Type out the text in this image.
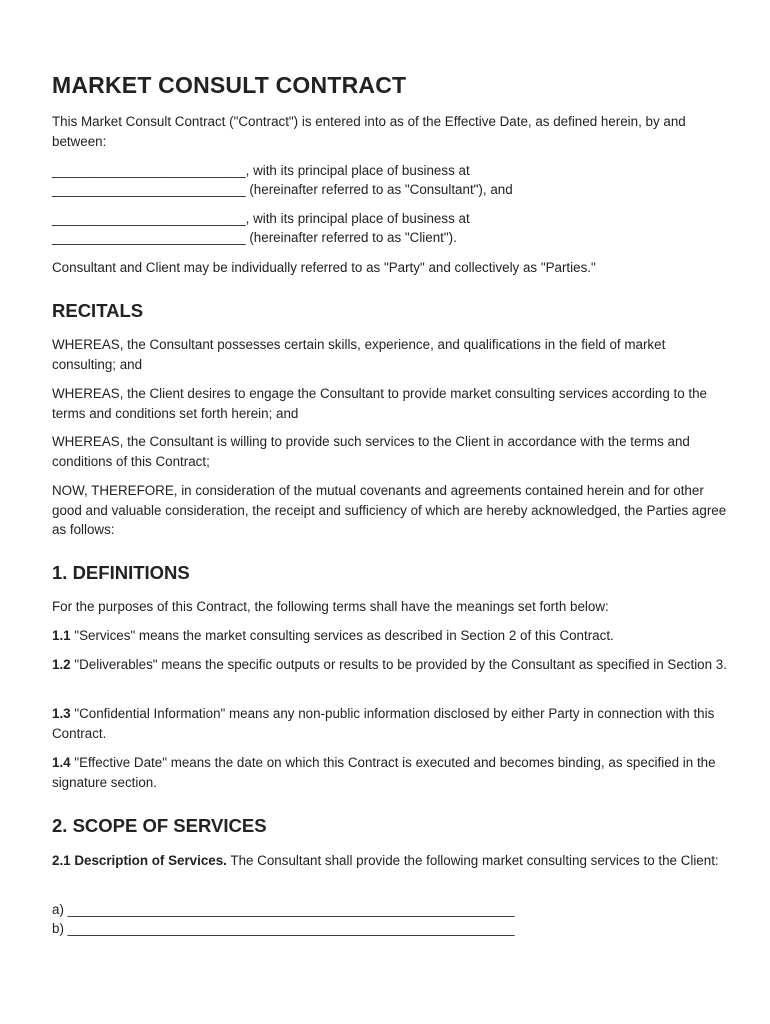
MARKET CONSULT CONTRACT

This Market Consult Contract ("Contract") is entered into as of the Effective Date, as defined herein, by and between:

__________________________, with its principal place of business at

__________________________ (hereinafter referred to as "Consultant"), and

__________________________, with its principal place of business at

__________________________ (hereinafter referred to as "Client").

Consultant and Client may be individually referred to as "Party" and collectively as "Parties."

RECITALS

WHEREAS, the Consultant possesses certain skills, experience, and qualifications in the field of market consulting; and

WHEREAS, the Client desires to engage the Consultant to provide market consulting services according to the terms and conditions set forth herein; and

WHEREAS, the Consultant is willing to provide such services to the Client in accordance with the terms and conditions of this Contract;

NOW, THEREFORE, in consideration of the mutual covenants and agreements contained herein and for other good and valuable consideration, the receipt and sufficiency of which are hereby acknowledged, the Parties agree as follows:

1. DEFINITIONS

For the purposes of this Contract, the following terms shall have the meanings set forth below:

1.1 "Services" means the market consulting services as described in Section 2 of this Contract.

1.2 "Deliverables" means the specific outputs or results to be provided by the Consultant as specified in Section 3.

1.3 "Confidential Information" means any non-public information disclosed by either Party in connection with this Contract.

1.4 "Effective Date" means the date on which this Contract is executed and becomes binding, as specified in the signature section.

2. SCOPE OF SERVICES

2.1 Description of Services. The Consultant shall provide the following market consulting services to the Client:

a) ____________________________________________________________

b) ____________________________________________________________
